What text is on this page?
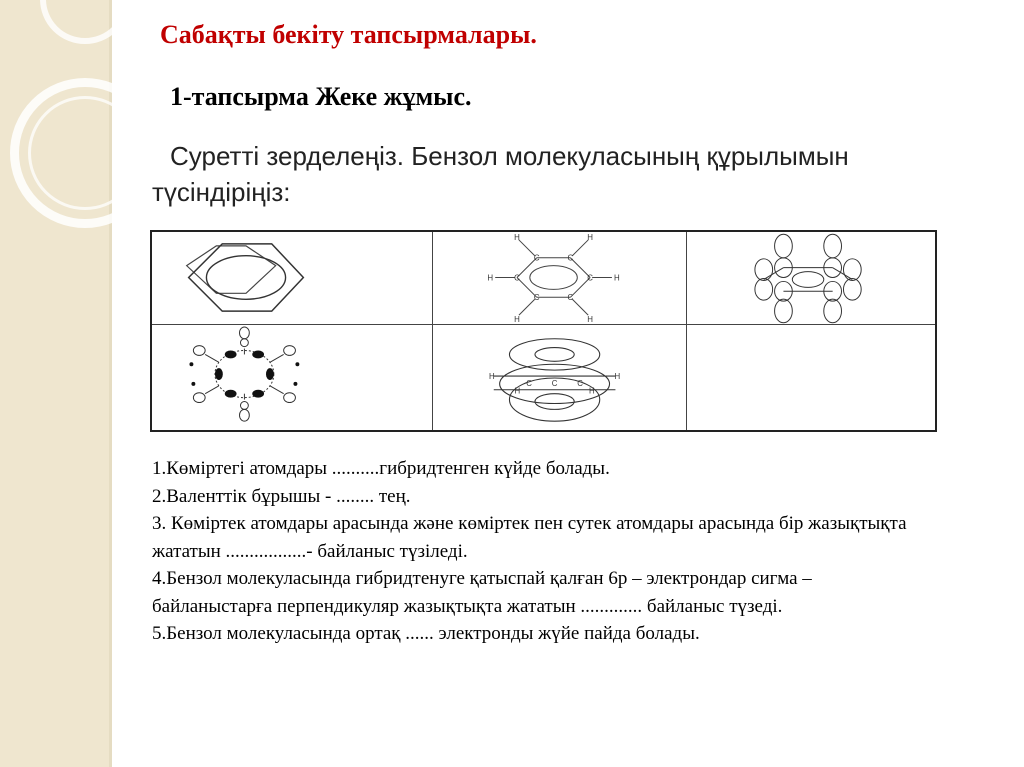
Сабақты бекіту тапсырмалары.
1-тапсырма Жеке жұмыс.
Суретті зерделеңіз. Бензол молекуласының құрылымын түсіндіріңіз:
C	C
C
C
C
C
H	H
H
H
H	H
H	H
C C C
H	H

1.Көміртегі атомдары ..........гибридтенген күйде болады.

2.Валенттік бұрышы - ........ тең.

3. Көміртек атомдары арасында және көміртек пен сутек атомдары арасында бір жазықтықта жататын .................- байланыс түзіледі.

4.Бензол молекуласында гибридтенуге қатыспай қалған 6р – электрондар сигма – байланыстарға перпендикуляр жазықтықта жататын ............. байланыс түзеді.

5.Бензол молекуласында ортақ ...... электронды жүйе пайда болады.
